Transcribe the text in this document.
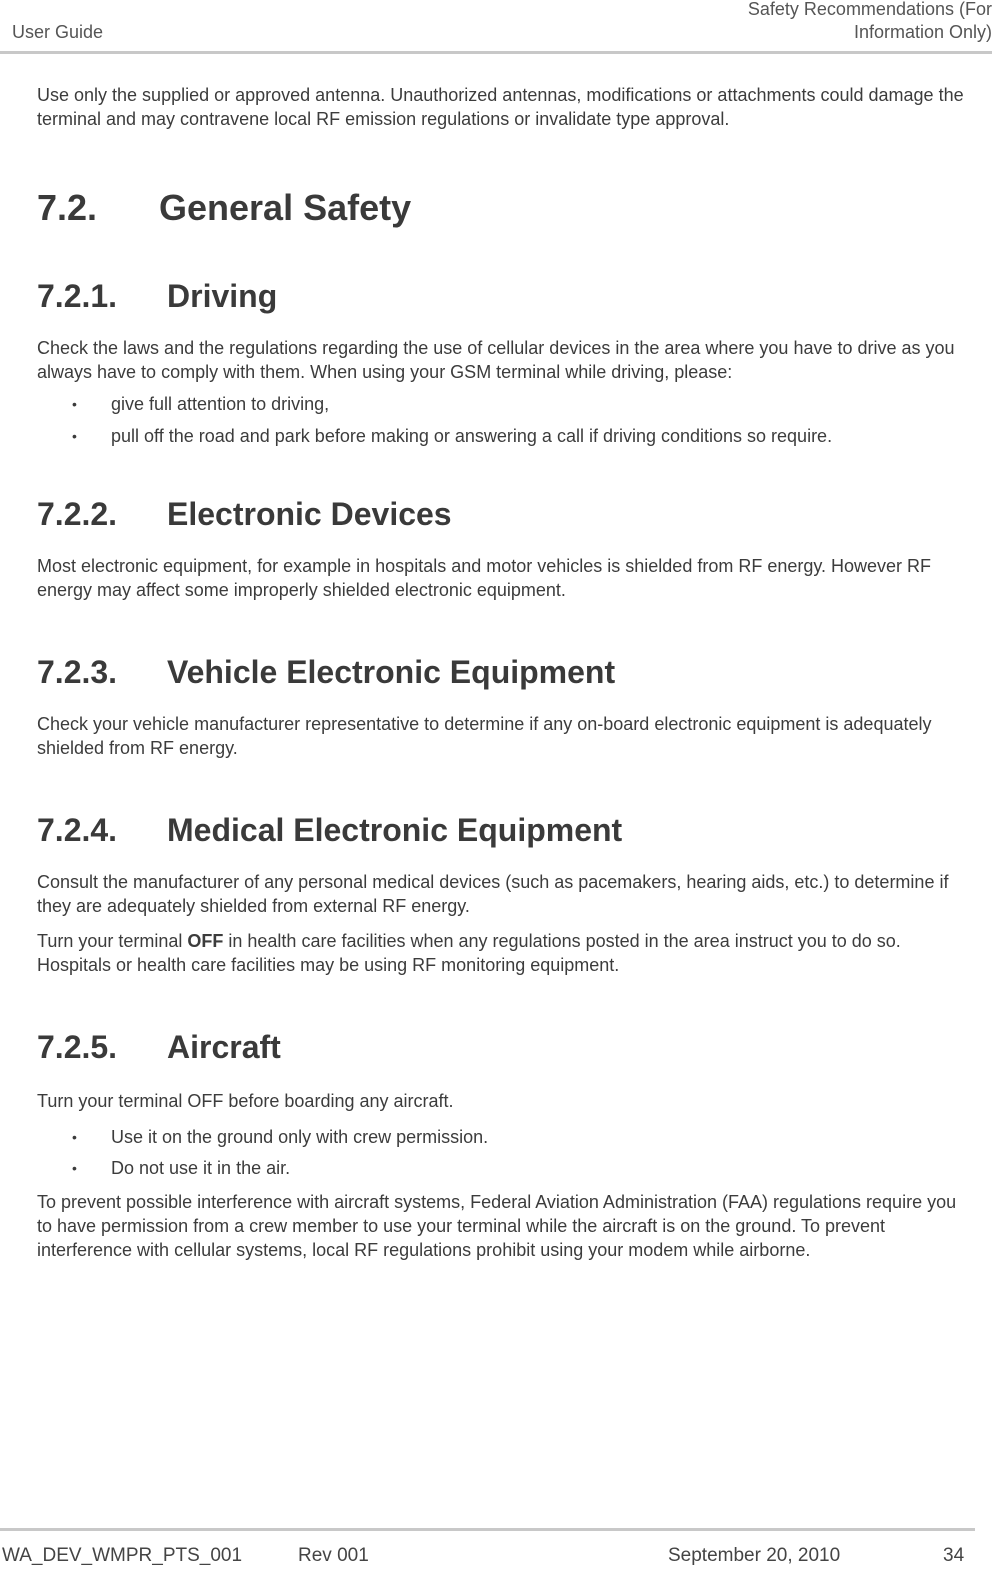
User Guide
Safety Recommendations (For
Information Only)

Use only the supplied or approved antenna. Unauthorized antennas, modifications or attachments could damage the terminal and may contravene local RF emission regulations or invalidate type approval.

7.2.	General Safety
7.2.1.	Driving

Check the laws and the regulations regarding the use of cellular devices in the area where you have to drive as you always have to comply with them. When using your GSM terminal while driving, please:

•	give full attention to driving,
•	pull off the road and park before making or answering a call if driving conditions so require.
7.2.2.	Electronic Devices

Most electronic equipment, for example in hospitals and motor vehicles is shielded from RF energy. However RF energy may affect some improperly shielded electronic equipment.

7.2.3.	Vehicle Electronic Equipment

Check your vehicle manufacturer representative to determine if any on-board electronic equipment is adequately shielded from RF energy.

7.2.4.	Medical Electronic Equipment

Consult the manufacturer of any personal medical devices (such as pacemakers, hearing aids, etc.) to determine if they are adequately shielded from external RF energy.

Turn your terminal OFF in health care facilities when any regulations posted in the area instruct you to do so. Hospitals or health care facilities may be using RF monitoring equipment.

7.2.5.	Aircraft

Turn your terminal OFF before boarding any aircraft.

•	Use it on the ground only with crew permission.
•	Do not use it in the air.

To prevent possible interference with aircraft systems, Federal Aviation Administration (FAA) regulations require you to have permission from a crew member to use your terminal while the aircraft is on the ground. To prevent interference with cellular systems, local RF regulations prohibit using your modem while airborne.

WA_DEV_WMPR_PTS_001	Rev 001	September 20, 2010	34
